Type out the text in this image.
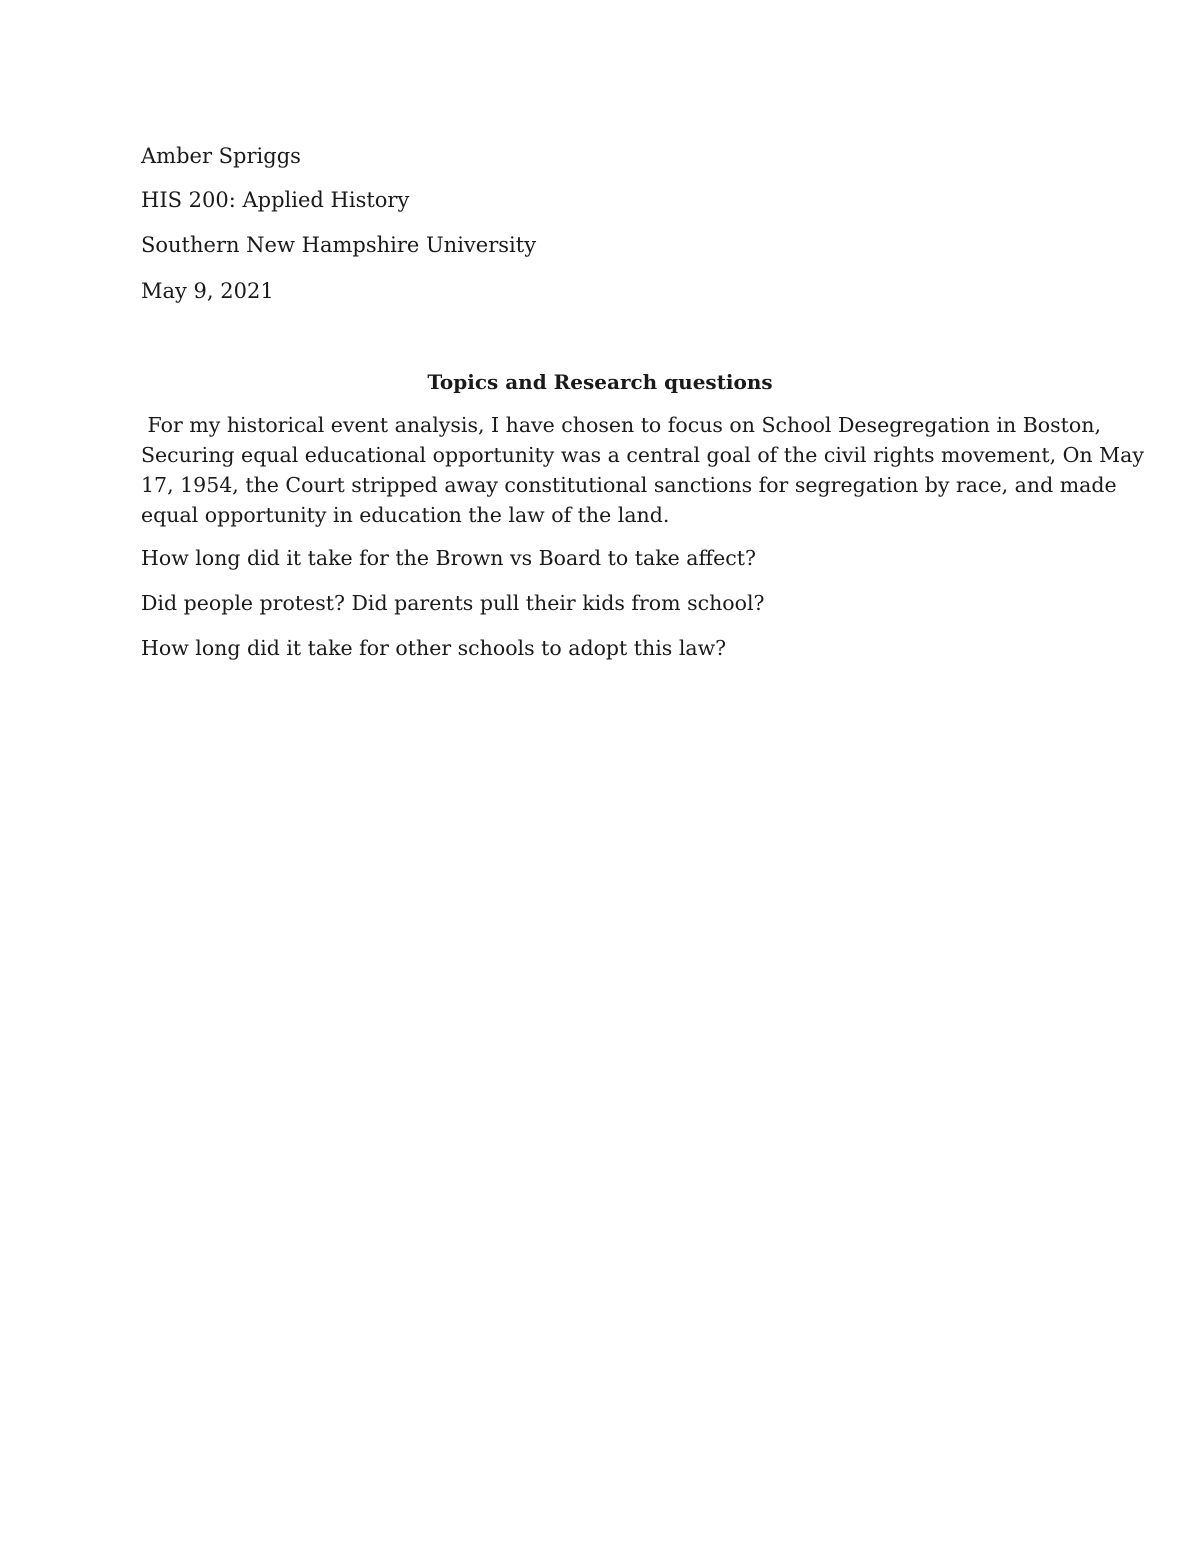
Amber Spriggs
HIS 200: Applied History
Southern New Hampshire University
May 9, 2021
Topics and Research questions
For my historical event analysis, I have chosen to focus on School Desegregation in Boston,
Securing equal educational opportunity was a central goal of the civil rights movement, On May
17, 1954, the Court stripped away constitutional sanctions for segregation by race, and made
equal opportunity in education the law of the land.
How long did it take for the Brown vs Board to take affect?
Did people protest? Did parents pull their kids from school?
How long did it take for other schools to adopt this law?
